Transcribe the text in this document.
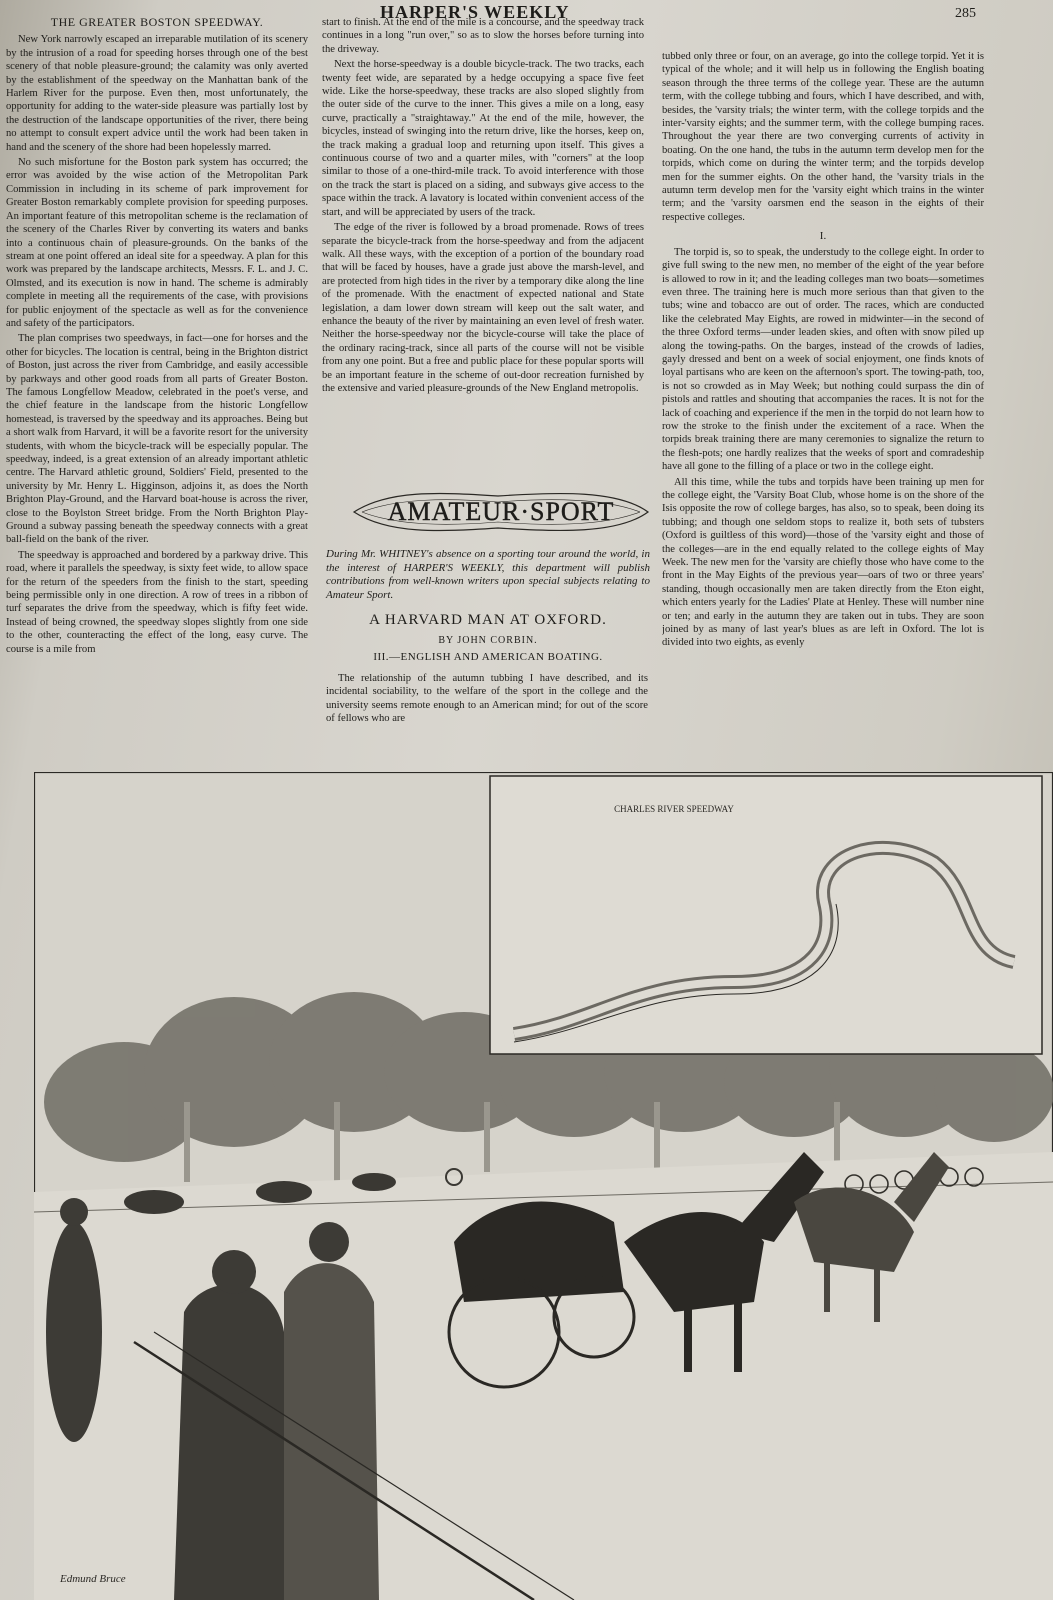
HARPER'S WEEKLY	285

THE GREATER BOSTON SPEEDWAY.

New York narrowly escaped an irreparable mutilation of its scenery by the intrusion of a road for speeding horses through one of the best scenery of that noble pleasure-ground; the calamity was only averted by the establishment of the speedway on the Manhattan bank of the Harlem River for the purpose. Even then, most unfortunately, the opportunity for adding to the water-side pleasure was partially lost by the destruction of the landscape opportunities of the river, there being no attempt to consult expert advice until the work had been taken in hand and the scenery of the shore had been hopelessly marred.

No such misfortune for the Boston park system has occurred; the error was avoided by the wise action of the Metropolitan Park Commission in including in its scheme of park improvement for Greater Boston remarkably complete provision for speeding purposes. An important feature of this metropolitan scheme is the reclamation of the scenery of the Charles River by converting its waters and banks into a continuous chain of pleasure-grounds. On the banks of the stream at one point offered an ideal site for a speedway. A plan for this work was prepared by the landscape architects, Messrs. F. L. and J. C. Olmsted, and its execution is now in hand. The scheme is admirably complete in meeting all the requirements of the case, with provisions for public enjoyment of the spectacle as well as for the convenience and safety of the participators.

The plan comprises two speedways, in fact—one for horses and the other for bicycles. The location is central, being in the Brighton district of Boston, just across the river from Cambridge, and easily accessible by parkways and other good roads from all parts of Greater Boston. The famous Longfellow Meadow, celebrated in the poet's verse, and the chief feature in the landscape from the historic Longfellow homestead, is traversed by the speedway and its approaches. Being but a short walk from Harvard, it will be a favorite resort for the university students, with whom the bicycle-track will be especially popular. The speedway, indeed, is a great extension of an already important athletic centre. The Harvard athletic ground, Soldiers' Field, presented to the university by Mr. Henry L. Higginson, adjoins it, as does the North Brighton Play-Ground, and the Harvard boat-house is across the river, close to the Boylston Street bridge. From the North Brighton Play-Ground a subway passing beneath the speedway connects with a great ball-field on the bank of the river.

The speedway is approached and bordered by a parkway drive. This road, where it parallels the speedway, is sixty feet wide, to allow space for the return of the speeders from the finish to the start, speeding being permissible only in one direction. A row of trees in a ribbon of turf separates the drive from the speedway, which is fifty feet wide. Instead of being crowned, the speedway slopes slightly from one side to the other, counteracting the effect of the long, easy curve. The course is a mile from

start to finish. At the end of the mile is a concourse, and the speedway track continues in a long "run over," so as to slow the horses before turning into the driveway.

Next the horse-speedway is a double bicycle-track. The two tracks, each twenty feet wide, are separated by a hedge occupying a space five feet wide. Like the horse-speedway, these tracks are also sloped slightly from the outer side of the curve to the inner. This gives a mile on a long, easy curve, practically a "straightaway." At the end of the mile, however, the bicycles, instead of swinging into the return drive, like the horses, keep on, the track making a gradual loop and returning upon itself. This gives a continuous course of two and a quarter miles, with "corners" at the loop similar to those of a one-third-mile track. To avoid interference with those on the track the start is placed on a siding, and subways give access to the space within the track. A lavatory is located within convenient access of the start, and will be appreciated by users of the track.

The edge of the river is followed by a broad promenade. Rows of trees separate the bicycle-track from the horse-speedway and from the adjacent walk. All these ways, with the exception of a portion of the boundary road that will be faced by houses, have a grade just above the marsh-level, and are protected from high tides in the river by a temporary dike along the line of the promenade. With the enactment of expected national and State legislation, a dam lower down stream will keep out the salt water, and enhance the beauty of the river by maintaining an even level of fresh water. Neither the horse-speedway nor the bicycle-course will take the place of the ordinary racing-track, since all parts of the course will not be visible from any one point. But a free and public place for these popular sports will be an important feature in the scheme of out-door recreation furnished by the extensive and varied pleasure-grounds of the New England metropolis.

AMATEUR·SPORT

During Mr. WHITNEY's absence on a sporting tour around the world, in the interest of HARPER'S WEEKLY, this department will publish contributions from well-known writers upon special subjects relating to Amateur Sport.

A HARVARD MAN AT OXFORD.
BY JOHN CORBIN.
III.—ENGLISH AND AMERICAN BOATING.

The relationship of the autumn tubbing I have described, and its incidental sociability, to the welfare of the sport in the college and the university seems remote enough to an American mind; for out of the score of fellows who are

tubbed only three or four, on an average, go into the college torpid. Yet it is typical of the whole; and it will help us in following the English boating season through the three terms of the college year. These are the autumn term, with the college tubbing and fours, which I have described, and with, besides, the 'varsity trials; the winter term, with the college torpids and the inter-'varsity eights; and the summer term, with the college bumping races. Throughout the year there are two converging currents of activity in boating. On the one hand, the tubs in the autumn term develop men for the torpids, which come on during the winter term; and the torpids develop men for the summer eights. On the other hand, the 'varsity trials in the autumn term develop men for the 'varsity eight which trains in the winter term; and the 'varsity oarsmen end the season in the eights of their respective colleges.

I.

The torpid is, so to speak, the understudy to the college eight. In order to give full swing to the new men, no member of the eight of the year before is allowed to row in it; and the leading colleges man two boats—sometimes even three. The training here is much more serious than that given to the tubs; wine and tobacco are out of order. The races, which are conducted like the celebrated May Eights, are rowed in midwinter—in the second of the three Oxford terms—under leaden skies, and often with snow piled up along the towing-paths. On the barges, instead of the crowds of ladies, gayly dressed and bent on a week of social enjoyment, one finds knots of loyal partisans who are keen on the afternoon's sport. The towing-path, too, is not so crowded as in May Week; but nothing could surpass the din of pistols and rattles and shouting that accompanies the races. It is not for the lack of coaching and experience if the men in the torpid do not learn how to row the stroke to the finish under the excitement of a race. When the torpids break training there are many ceremonies to signalize the return to the flesh-pots; one hardly realizes that the weeks of sport and comradeship have all gone to the filling of a place or two in the college eight.

All this time, while the tubs and torpids have been training up men for the college eight, the 'Varsity Boat Club, whose home is on the shore of the Isis opposite the row of college barges, has also, so to speak, been doing its tubbing; and though one seldom stops to realize it, both sets of tubsters (Oxford is guiltless of this word)—those of the 'varsity eight and those of the colleges—are in the end equally related to the college eights of May Week. The new men for the 'varsity are chiefly those who have come to the front in the May Eights of the previous year—oars of two or three years' standing, though occasionally men are taken directly from the Eton eight, which enters yearly for the Ladies' Plate at Henley. These will number nine or ten; and early in the autumn they are taken out in tubs. They are soon joined by as many of last year's blues as are left in Oxford. The lot is divided into two eights, as evenly

CHARLES RIVER SPEEDWAY
Edmund Bruce
